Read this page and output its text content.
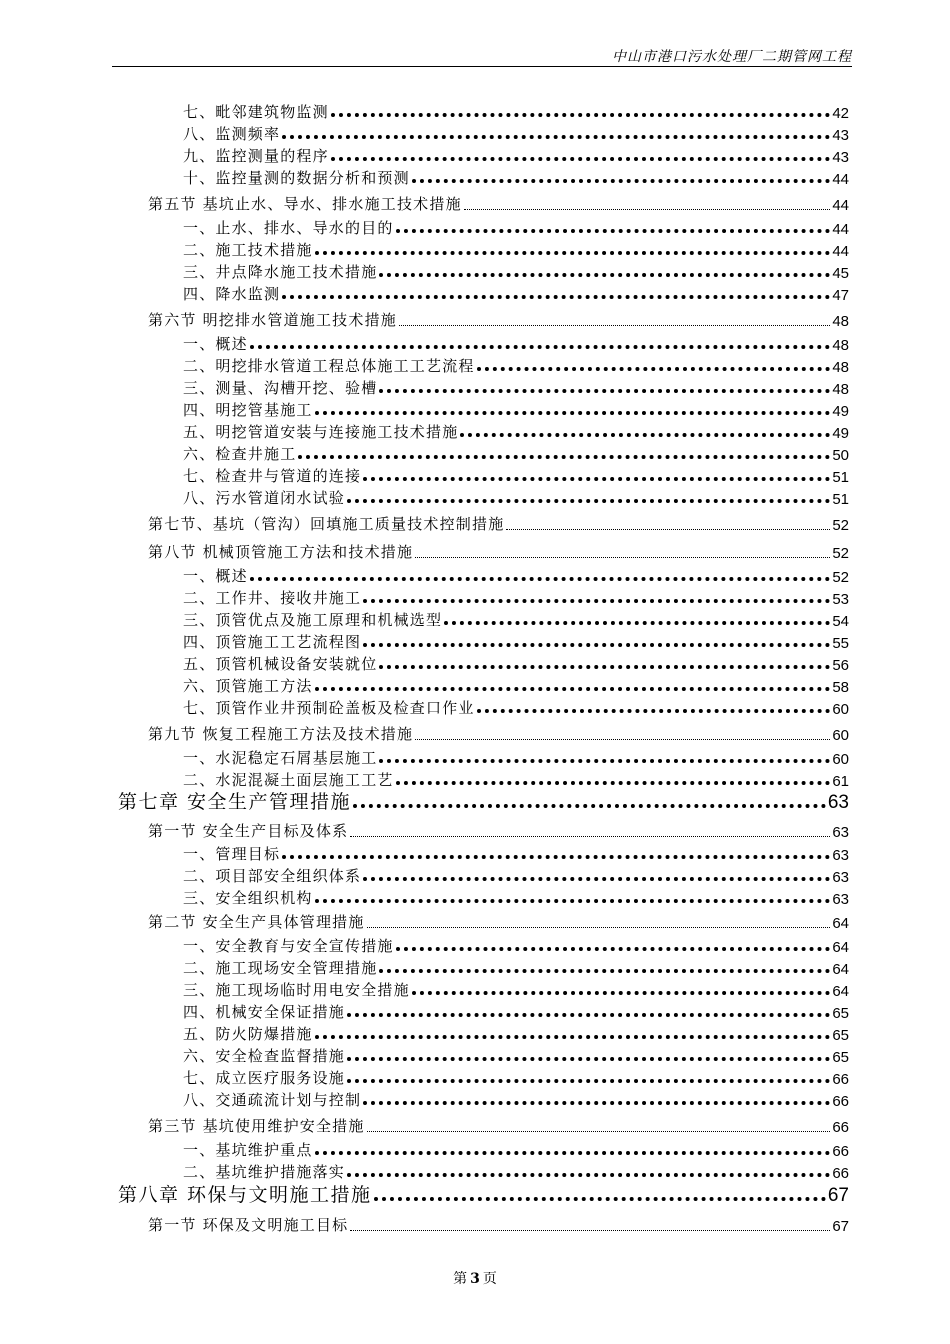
中山市港口污水处理厂二期管网工程
七、毗邻建筑物监测	42
八、监测频率	43
九、监控测量的程序	43
十、监控量测的数据分析和预测	44
第五节 基坑止水、导水、排水施工技术措施	44
一、止水、排水、导水的目的	44
二、施工技术措施	44
三、井点降水施工技术措施	45
四、降水监测	47
第六节 明挖排水管道施工技术措施	48
一、概述	48
二、明挖排水管道工程总体施工工艺流程	48
三、测量、沟槽开挖、验槽	48
四、明挖管基施工	49
五、明挖管道安装与连接施工技术措施	49
六、检查井施工	50
七、检查井与管道的连接	51
八、污水管道闭水试验	51
第七节、基坑（管沟）回填施工质量技术控制措施	52
第八节 机械顶管施工方法和技术措施	52
一、概述	52
二、工作井、接收井施工	53
三、顶管优点及施工原理和机械选型	54
四、顶管施工工艺流程图	55
五、顶管机械设备安装就位	56
六、顶管施工方法	58
七、顶管作业井预制砼盖板及检查口作业	60
第九节 恢复工程施工方法及技术措施	60
一、水泥稳定石屑基层施工	60
二、水泥混凝土面层施工工艺	61
第七章 安全生产管理措施	63
第一节 安全生产目标及体系	63
一、管理目标	63
二、项目部安全组织体系	63
三、安全组织机构	63
第二节 安全生产具体管理措施	64
一、安全教育与安全宣传措施	64
二、施工现场安全管理措施	64
三、施工现场临时用电安全措施	64
四、机械安全保证措施	65
五、防火防爆措施	65
六、安全检查监督措施	65
七、成立医疗服务设施	66
八、交通疏流计划与控制	66
第三节 基坑使用维护安全措施	66
一、基坑维护重点	66
二、基坑维护措施落实	66
第八章 环保与文明施工措施	67
第一节 环保及文明施工目标	67
第 3 页
